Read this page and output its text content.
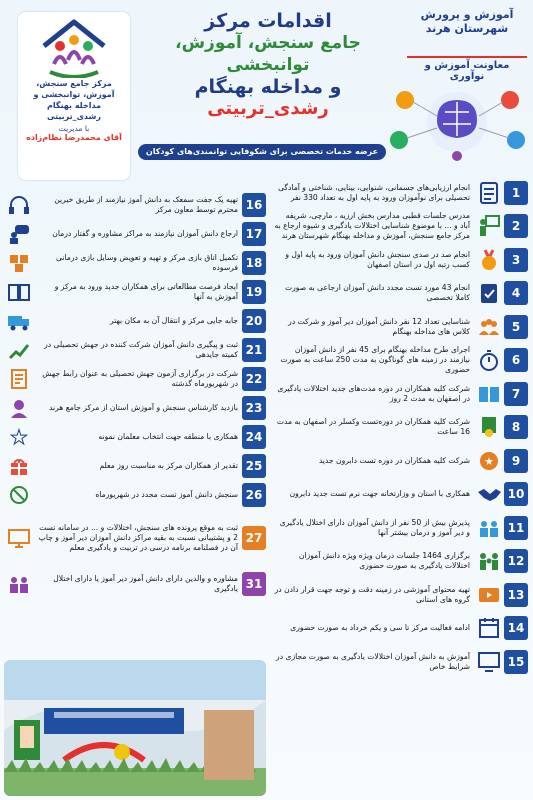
آموزش و پرورش شهرستان هرند
معاونت آموزش و نوآوری
اقدامات مرکز
جامع سنجش، آموزش، توانبخشی
و مداخله بهنگام
رشدی_تربیتی
عرضه خدمات تخصصی برای شکوفایی توانمندی‌های کودکان
مرکز جامع سنجش، آموزش، توانبخشی و مداخله بهنگام رشدی_تربیتی
با مدیریت
آقای محمدرضا نظام‌زاده
1
انجام ارزیابی‌های جسمانی، شنوایی، بینایی، شناختی و آمادگی تحصیلی برای نوآموزان ورود به پایه اول به تعداد 330 نفر
2
مدرس جلسات قطبی مدارس بخش ارزیه ، مارچی، شریفه آباد و ... با موضوع شناسایی اختلالات یادگیری و شیوه ارجاع به مرکز جامع سنجش، آموزش و مداخله بهنگام شهرستان هرند
3
انجام صد در صدی سنجش دانش آموزان ورود به پایه اول و کسب رتبه اول در استان اصفهان
4
انجام 43 مورد تست مجدد دانش آموزان ارجاعی به صورت کاملا تخصصی
5
شناسایی تعداد 12 نفر دانش آموزان دیر آموز و شرکت در کلاس های مداخله بهنگام
6
اجرای طرح مداخله بهنگام برای 45 نفر از دانش آموزان نیازمند در زمینه های گوناگون به مدت 250 ساعت به صورت حضوری
7
شرکت کلیه همکاران در دوره مدت‌های جدید اختلالات یادگیری در اصفهان به مدت 2 روز
8
شرکت کلیه همکاران در دوره‌تست وکسلر در اصفهان به مدت 16 ساعت
9
★
شرکت کلیه همکاران در دوره تست دابرون جدید
10
همکاری با استان و وزارتخانه جهت نرم تست جدید دابرون
11
پذیرش بیش از 50 نفر از دانش آموزان دارای اختلال یادگیری و دیر آموز و درمان بیشتر آنها
12
برگزاری 1464 جلسات درمان ویژه ویژه دانش آموزان اختلالات یادگیری به صورت حضوری
13
تهیه محتوای آموزشی در زمینه دقت و توجه جهت قرار دادن در گروه های استانی
14
ادامه فعالیت مرکز تا سی و یکم خرداد به صورت حضوری
15
آموزش به دانش آموزان اختلالات یادگیری به صورت مجازی در شرایط خاص
16
تهیه یک جفت سمعک به دانش آموز نیازمند از طریق خیرین محترم توسط معاون مرکز
17
ارجاع دانش آموزان نیازمند به مراکز مشاوره و گفتار درمان
18
تکمیل اتاق بازی مرکز و تهیه و تعویض وسایل بازی درمانی فرسوده
19
ایجاد فرصت مطالعاتی برای همکاران جدید ورود به مرکز و آموزش به آنها
20
جابه جایی مرکز و انتقال آن به مکان بهتر
21
ثبت و پیگیری دانش آموزان شرکت کننده در جهش تحصیلی در کمیته جایدهی
22
شرکت در برگزاری آزمون جهش تحصیلی به عنوان رابط جهش در شهریورماه گذشته
23
بازدید کارشناس سنجش و آموزش استان از مرکز جامع هرند
24
همکاری با منطقه جهت انتخاب معلمان نمونه
★
25
تقدیر از همکاران مرکز به مناسبت روز معلم
26
سنجش دانش آموز تست مجدد در شهریورماه
27
ثبت به موقع پرونده های سنجش، اختلالات و ... در سامانه تست 2 و پشتیبانی نسبت به بقیه مراکز دانش آموزان دیر آموز و چاپ آن در فصلنامه برنامه درسی در تربیت و یادگیری معلم
31
مشاوره و والدین دارای دانش آموز دیر آموز یا دارای اختلال یادگیری
